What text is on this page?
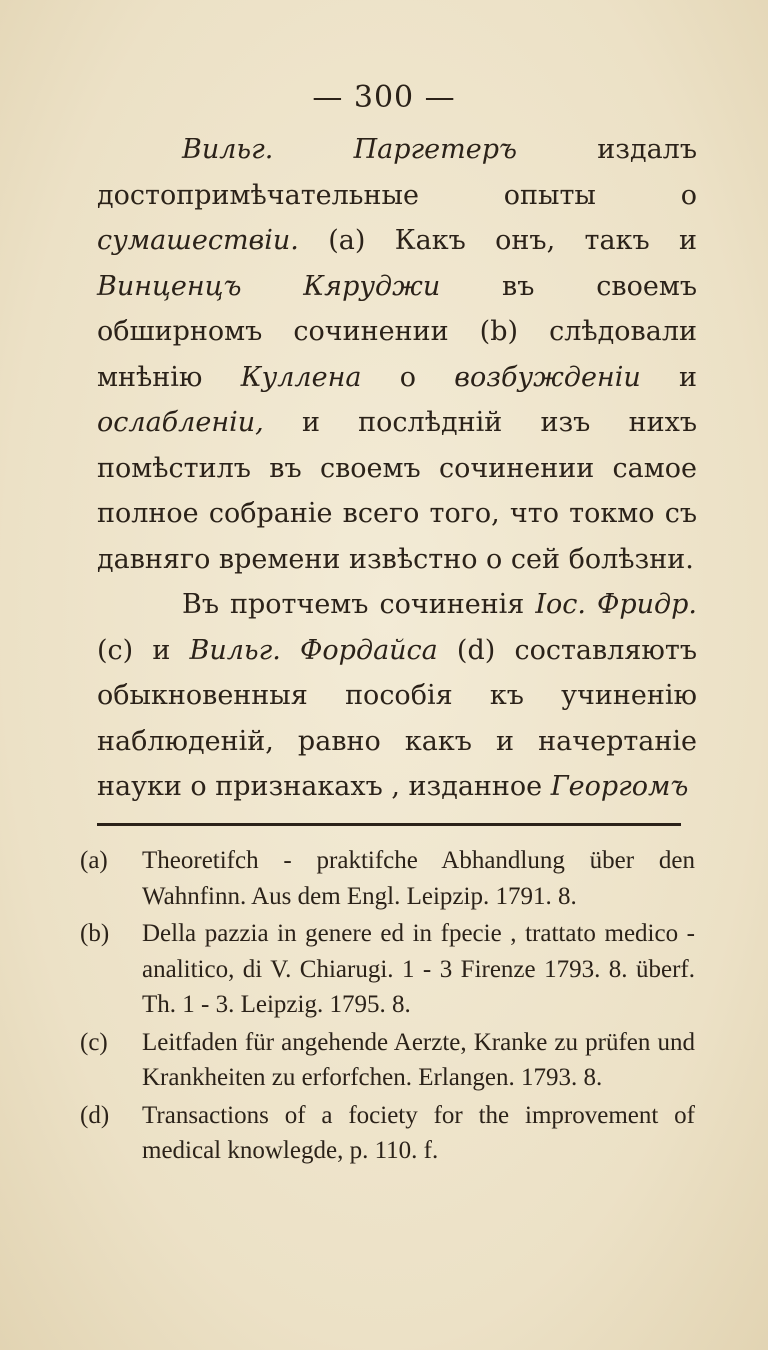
— 300 —

Вильг. Паргетеръ издалъ достопримѣчательные опыты о сумашествіи. (a) Какъ онъ, такъ и Винценцъ Кяруджи въ своемъ обширномъ сочинении (b) слѣдовали мнѣнію Куллена о возбужденіи и ослабленіи, и послѣдній изъ нихъ помѣстилъ въ своемъ сочинении самое полное собраніе всего того, что токмо съ давняго времени извѣстно о сей болѣзни.

Въ протчемъ сочиненія Іос. Фридр. (c) и Вильг. Фордайса (d) составляютъ обыкновенныя пособія къ учиненію наблюденій, равно какъ и начертаніе науки о признакахъ , изданное Георгомъ

(a)	Theoretifch - praktifche Abhandlung über den Wahnfinn. Aus dem Engl. Leipzip. 1791. 8.
(b)	Della pazzia in genere ed in fpecie , trattato medico - analitico, di V. Chiarugi. 1 - 3 Firenze 1793. 8. überf. Th. 1 - 3. Leipzig. 1795. 8.
(c)	Leitfaden für angehende Aerzte, Kranke zu prüfen und Krankheiten zu erforfchen. Erlangen. 1793. 8.
(d)	Transactions of a fociety for the improvement of medical knowlegde, p. 110. f.
